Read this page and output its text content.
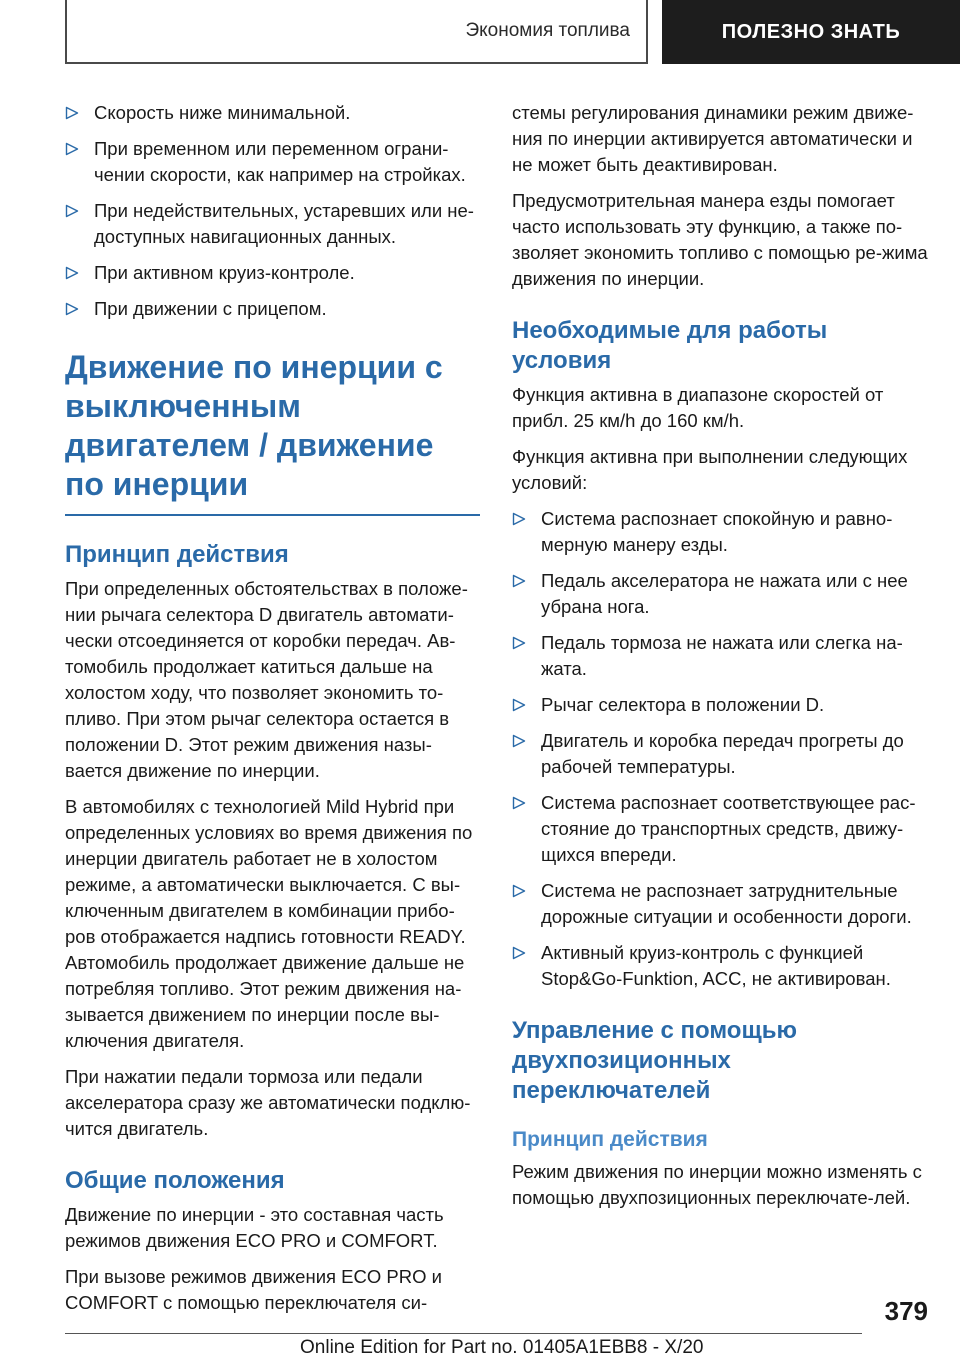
Экономия топлива	ПОЛЕЗНО ЗНАТЬ
Скорость ниже минимальной.
При временном или переменном ограни-чении скорости, как например на стройках.
При недействительных, устаревших или не-доступных навигационных данных.
При активном круиз-контроле.
При движении с прицепом.
Движение по инерции с выключенным двигателем / движение по инерции
Принцип действия

При определенных обстоятельствах в положе-нии рычага селектора D двигатель автомати-чески отсоединяется от коробки передач. Ав-томобиль продолжает катиться дальше на холостом ходу, что позволяет экономить то-пливо. При этом рычаг селектора остается в положении D. Этот режим движения назы-вается движение по инерции.

В автомобилях с технологией Mild Hybrid при определенных условиях во время движения по инерции двигатель работает не в холостом режиме, а автоматически выключается. С вы-ключенным двигателем в комбинации прибо-ров отображается надпись готовности READY. Автомобиль продолжает движение дальше не потребляя топливо. Этот режим движения на-зывается движением по инерции после вы-ключения двигателя.

При нажатии педали тормоза или педали акселератора сразу же автоматически подклю-чится двигатель.

Общие положения

Движение по инерции - это составная часть режимов движения ECO PRO и COMFORT.

При вызове режимов движения ECO PRO и COMFORT с помощью переключателя си-

стемы регулирования динамики режим движе-ния по инерции активируется автоматически и не может быть деактивирован.

Предусмотрительная манера езды помогает часто использовать эту функцию, а также по-зволяет экономить топливо с помощью ре-жима движения по инерции.

Необходимые для работы условия

Функция активна в диапазоне скоростей от прибл. 25 км/h до 160 км/h.

Функция активна при выполнении следующих условий:

Система распознает спокойную и равно-мерную манеру езды.
Педаль акселератора не нажата или с нее убрана нога.
Педаль тормоза не нажата или слегка на-жата.
Рычаг селектора в положении D.
Двигатель и коробка передач прогреты до рабочей температуры.
Система распознает соответствующее рас-стояние до транспортных средств, движу-щихся впереди.
Система не распознает затруднительные дорожные ситуации и особенности дороги.
Активный круиз-контроль с функцией Stop&Go-Funktion, ACC, не активирован.
Управление с помощью двухпозиционных переключателей
Принцип действия

Режим движения по инерции можно изменять с помощью двухпозиционных переключате-лей.

379
Online Edition for Part no. 01405A1EBB8 - X/20
